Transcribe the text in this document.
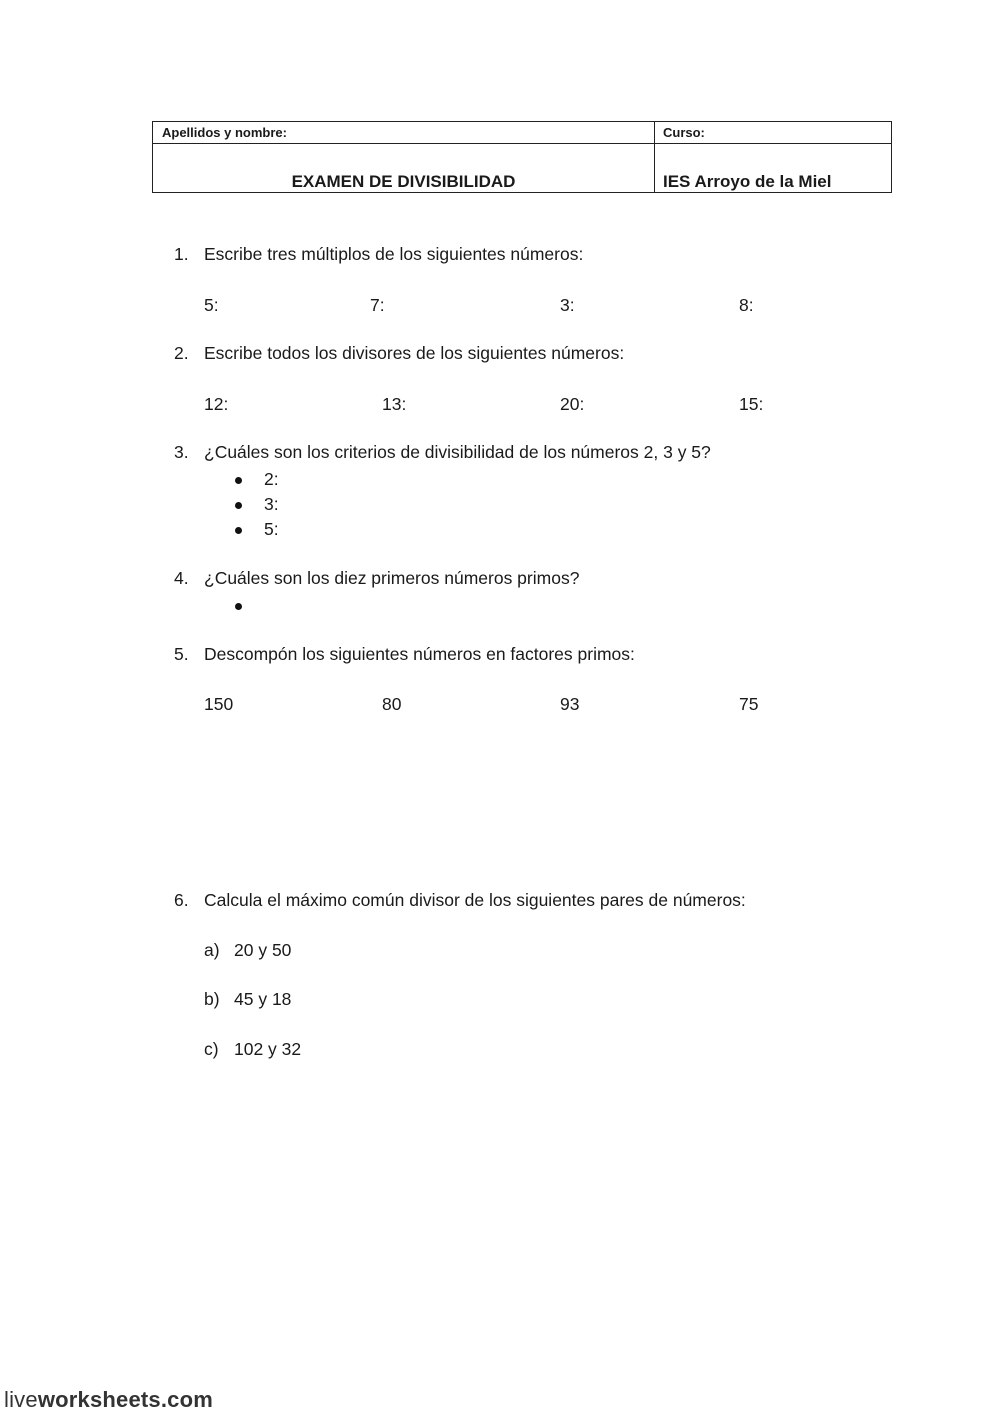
Apellidos y nombre:	Curso:
EXAMEN DE DIVISIBILIDAD	IES Arroyo de la Miel
1. Escribe tres múltiplos de los siguientes números:
5:	7:	3:	8:
2. Escribe todos los divisores de los siguientes números:
12:	13:	20:	15:
3. ¿Cuáles son los criterios de divisibilidad de los números 2, 3 y 5?
2:
3:
5:
4. ¿Cuáles son los diez primeros números primos?
5. Descompón los siguientes números en factores primos:
150	80	93	75
6. Calcula el máximo común divisor de los siguientes pares de números:
a) 20 y 50
b) 45 y 18
c) 102 y 32
liveworksheets.com
